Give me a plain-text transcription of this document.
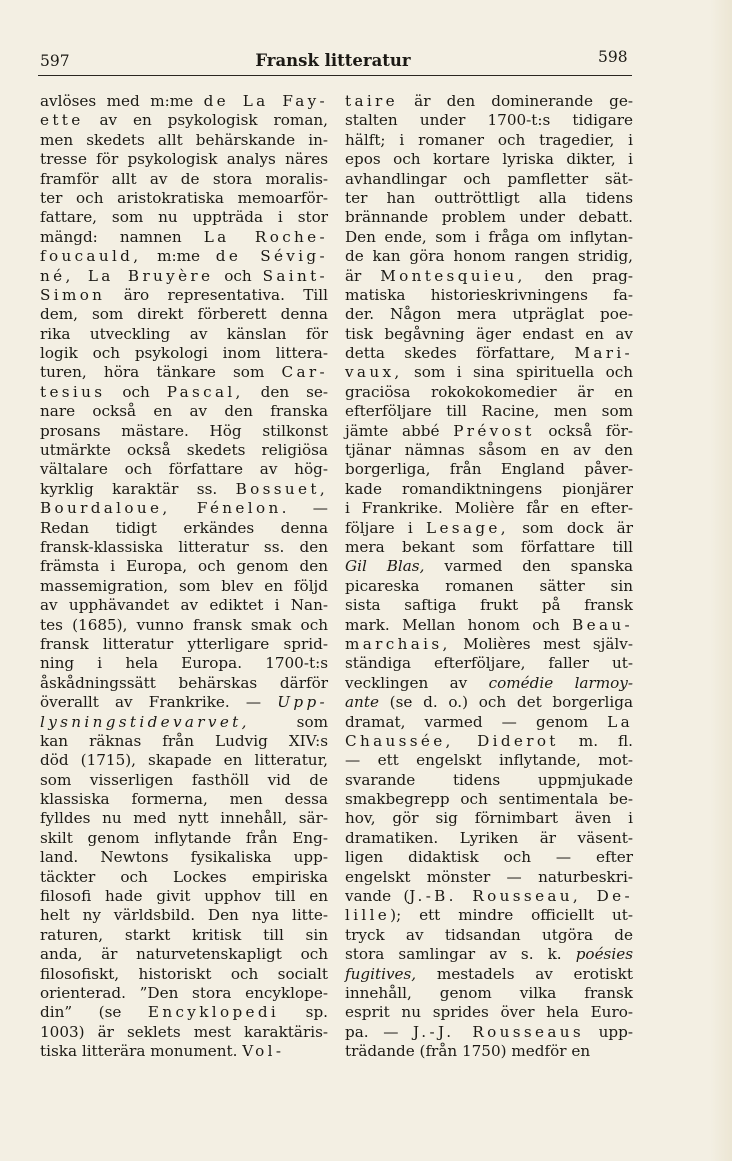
597	Fransk litteratur	598
avlöses med m:me de La Fay-
ette av en psykologisk roman,
men skedets allt behärskande in-
tresse för psykologisk analys näres
framför allt av de stora moralis-
ter och aristokratiska memoarför-
fattare, som nu uppträda i stor
mängd: namnen La Roche-
foucauld, m:me de Sévig-
né, La Bruyère och Saint-
Simon äro representativa. Till
dem, som direkt förberett denna
rika utveckling av känslan för
logik och psykologi inom littera-
turen, höra tänkare som Car-
tesius och Pascal, den se-
nare också en av den franska
prosans mästare. Hög stilkonst
utmärkte också skedets religiösa
vältalare och författare av hög-
kyrklig karaktär ss. Bossuet,
Bourdaloue, Fénelon. —
Redan tidigt erkändes denna
fransk-klassiska litteratur ss. den
främsta i Europa, och genom den
massemigration, som blev en följd
av upphävandet av ediktet i Nan-
tes (1685), vunno fransk smak och
fransk litteratur ytterligare sprid-
ning i hela Europa. 1700-t:s
åskådningssätt behärskas därför
överallt av Frankrike. — Upp-
lysningstidevarvet, som
kan räknas från Ludvig XIV:s
död (1715), skapade en litteratur,
som visserligen fasthöll vid de
klassiska formerna, men dessa
fylldes nu med nytt innehåll, sär-
skilt genom inflytande från Eng-
land. Newtons fysikaliska upp-
täckter och Lockes empiriska
filosofi hade givit upphov till en
helt ny världsbild. Den nya litte-
raturen, starkt kritisk till sin
anda, är naturvetenskapligt och
filosofiskt, historiskt och socialt
orienterad. ”Den stora encyklope-
din” (se Encyklopedi sp.
1003) är seklets mest karaktäris-
tiska litterära monument. Vol-
taire är den dominerande ge-
stalten under 1700-t:s tidigare
hälft; i romaner och tragedier, i
epos och kortare lyriska dikter, i
avhandlingar och pamfletter sät-
ter han outtröttligt alla tidens
brännande problem under debatt.
Den ende, som i fråga om inflytan-
de kan göra honom rangen stridig,
är Montesquieu, den prag-
matiska historieskrivningens fa-
der. Någon mera utpräglat poe-
tisk begåvning äger endast en av
detta skedes författare, Mari-
vaux, som i sina spirituella och
graciösa rokokokomedier är en
efterföljare till Racine, men som
jämte abbé Prévost också för-
tjänar nämnas såsom en av den
borgerliga, från England påver-
kade romandiktningens pionjärer
i Frankrike. Molière får en efter-
följare i Lesage, som dock är
mera bekant som författare till
Gil Blas, varmed den spanska
picareska romanen sätter sin
sista saftiga frukt på fransk
mark. Mellan honom och Beau-
marchais, Molières mest själv-
ständiga efterföljare, faller ut-
vecklingen av comédie larmoy-
ante (se d. o.) och det borgerliga
dramat, varmed — genom La
Chaussée, Diderot m. fl.
— ett engelskt inflytande, mot-
svarande tidens uppmjukade
smakbegrepp och sentimentala be-
hov, gör sig förnimbart även i
dramatiken. Lyriken är väsent-
ligen didaktisk och — efter
engelskt mönster — naturbeskri-
vande (J.-B. Rousseau, De-
lille); ett mindre officiellt ut-
tryck av tidsandan utgöra de
stora samlingar av s. k. poésies
fugitives, mestadels av erotiskt
innehåll, genom vilka fransk
esprit nu sprides över hela Euro-
pa. — J.-J. Rousseaus upp-
trädande (från 1750) medför en
